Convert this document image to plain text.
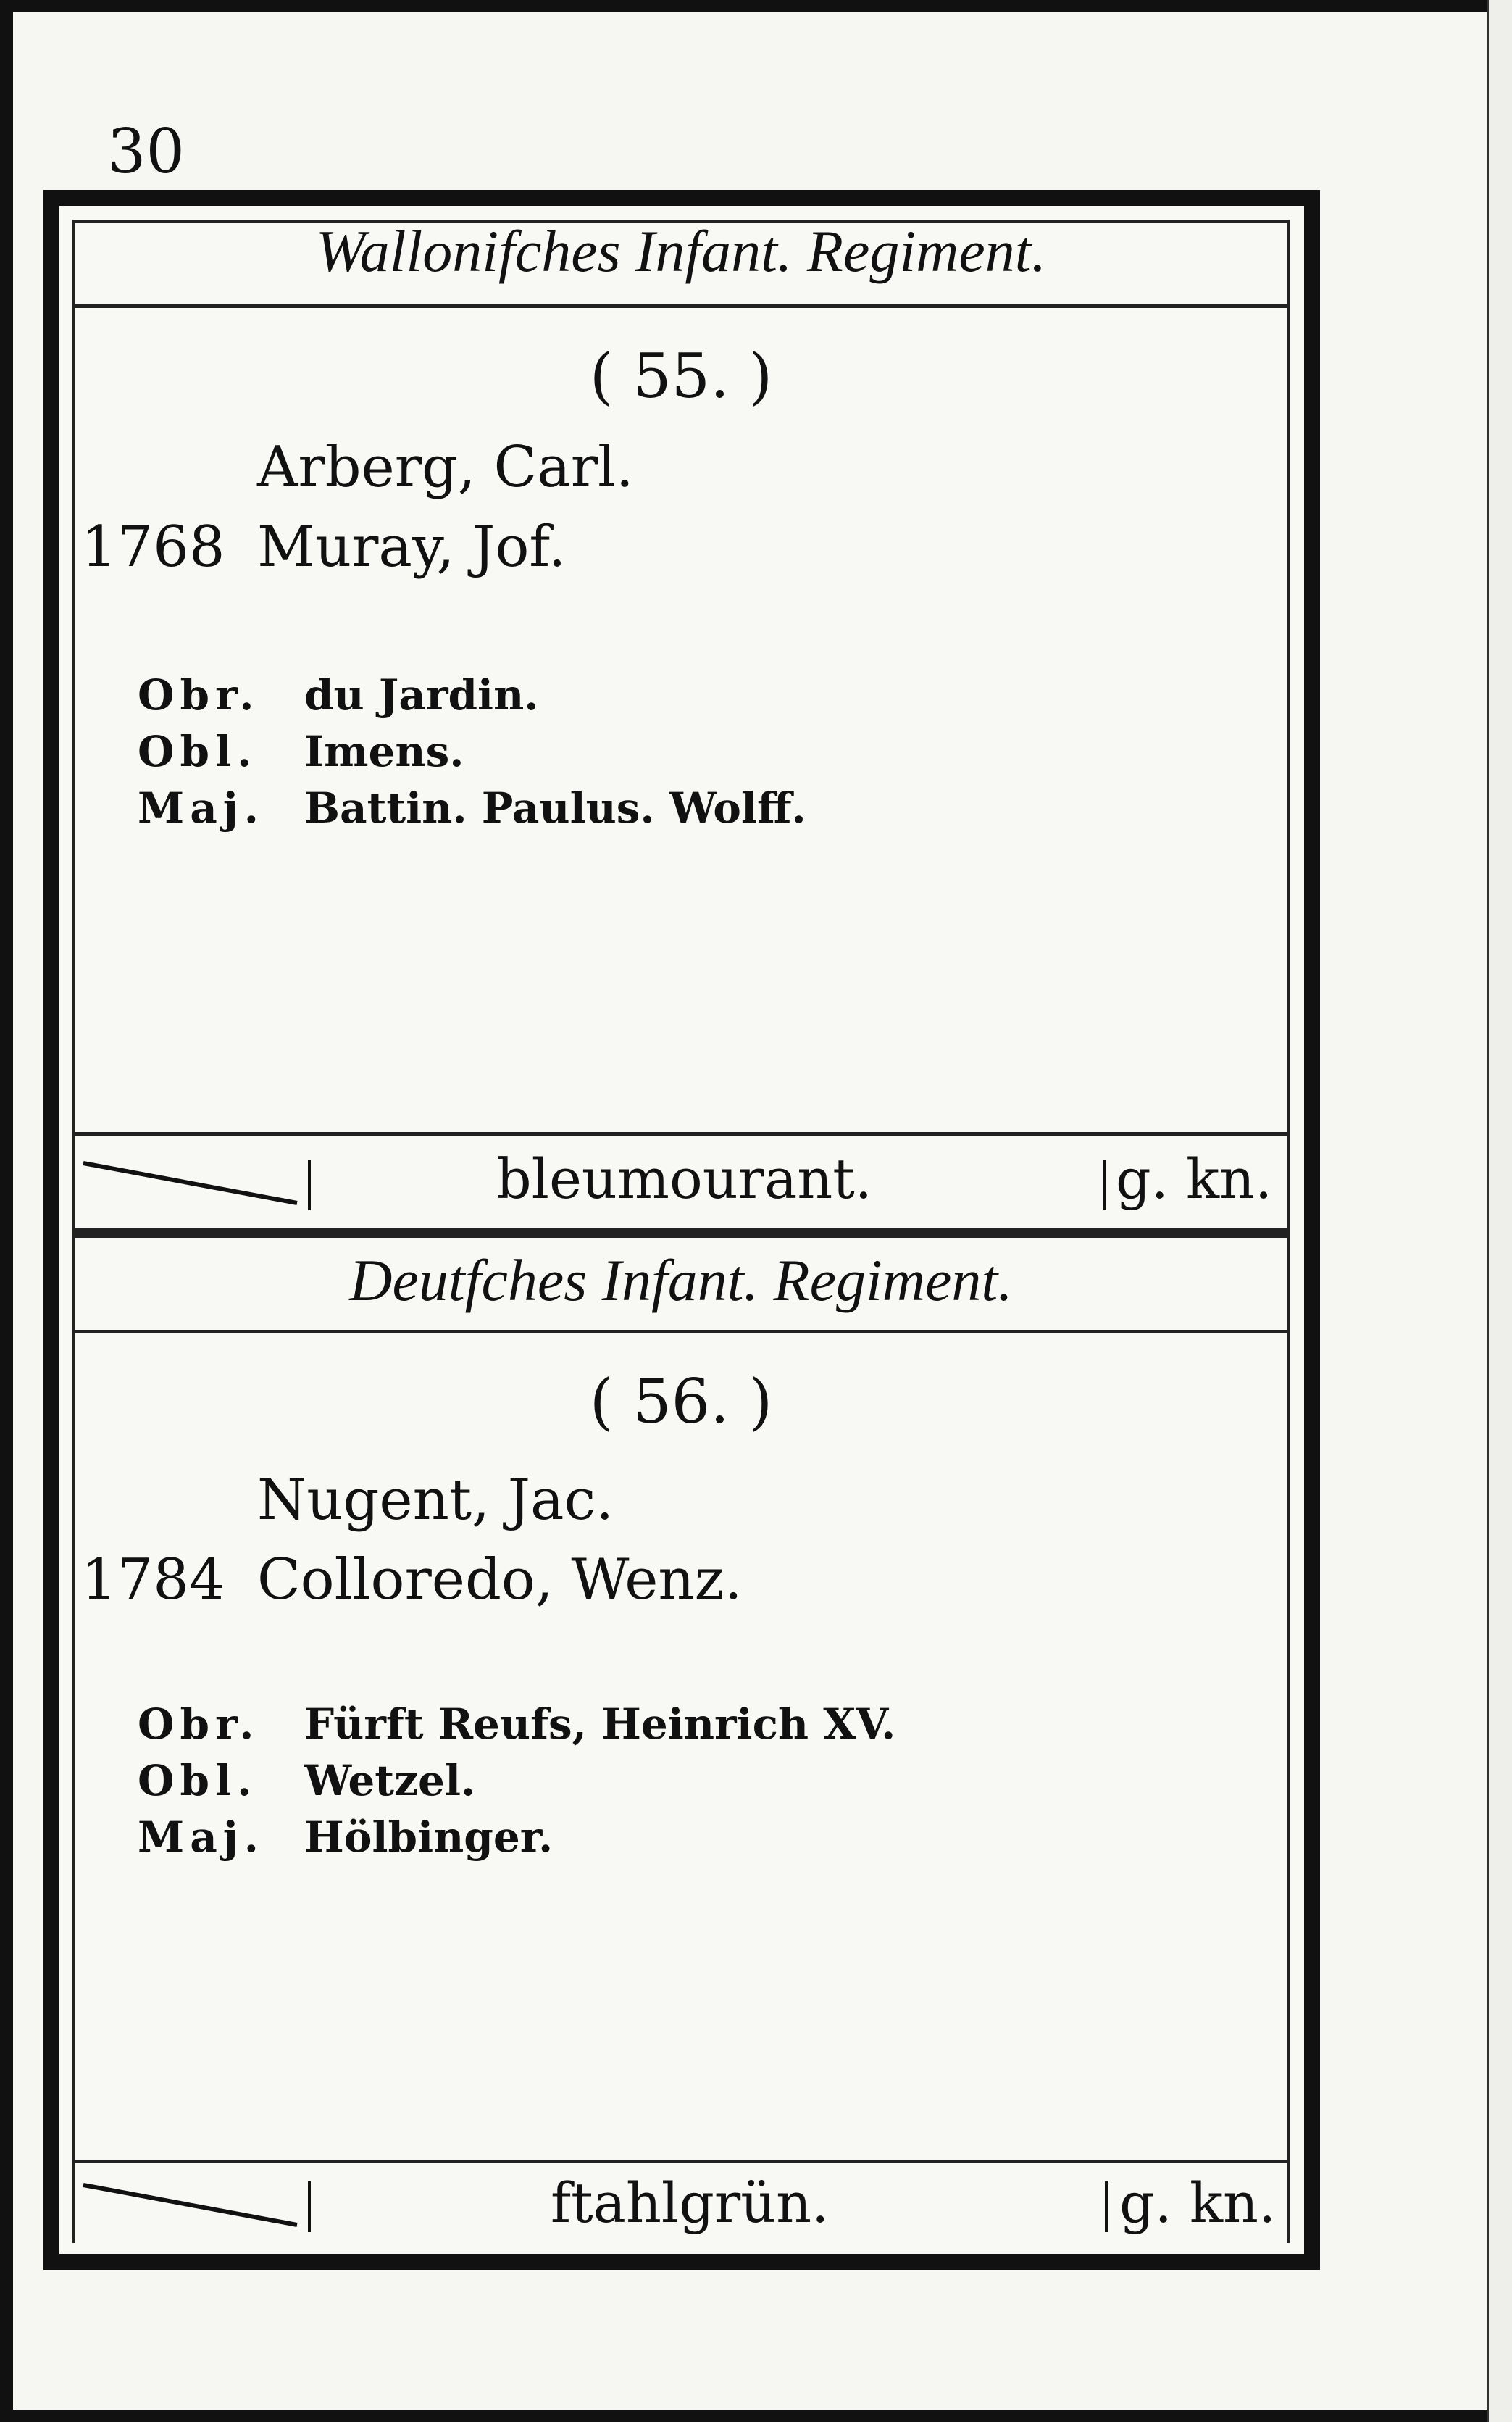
30
Wallonifches Infant. Regiment.
( 55. )
Arberg, Carl.
1768 Muray, Jof.
Obr. du Jardin.
Obl. Imens.
Maj. Battin. Paulus. Wolff.
bleumourant.	g. kn.
Deutfches Infant. Regiment.
( 56. )
Nugent, Jac.
1784 Colloredo, Wenz.
Obr. Fürft Reufs, Heinrich XV.
Obl. Wetzel.
Maj. Hölbinger.
ftahlgrün.	g. kn.
